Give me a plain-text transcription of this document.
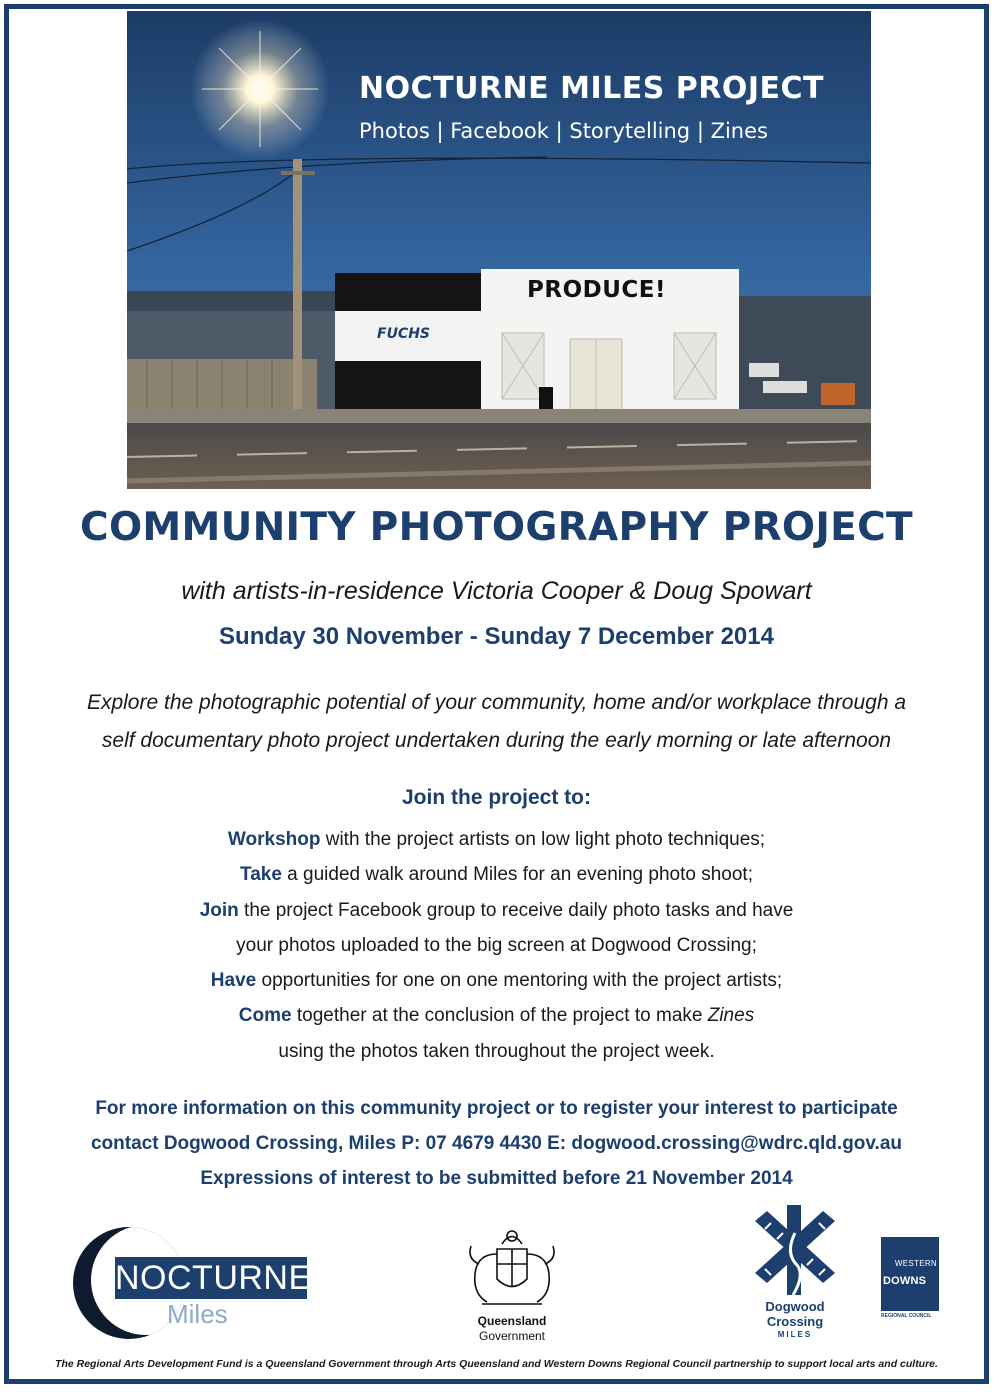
NOCTURNE MILES PROJECT
Photos | Facebook | Storytelling | Zines
PRODUCE!
FUCHS
COMMUNITY PHOTOGRAPHY PROJECT
with artists-in-residence Victoria Cooper & Doug Spowart
Sunday 30 November - Sunday 7 December 2014
Explore the photographic potential of your community, home and/or workplace through a
self documentary photo project undertaken during the early morning or late afternoon
Join the project to:
Workshop with the project artists on low light photo techniques;
Take a guided walk around Miles for an evening photo shoot;
Join the project Facebook group to receive daily photo tasks and have
your photos uploaded to the big screen at Dogwood Crossing;
Have opportunities for one on one mentoring with the project artists;
Come together at the conclusion of the project to make Zines
using the photos taken throughout the project week.
For more information on this community project or to register your interest to participate
contact Dogwood Crossing, Miles P: 07 4679 4430 E: dogwood.crossing@wdrc.qld.gov.au
Expressions of interest to be submitted before 21 November 2014
NOCTURNE
Miles	Queensland
Government
Dogwood
Crossing
MILES
WESTERN
DOWNS
REGIONAL COUNCIL
The Regional Arts Development Fund is a Queensland Government through Arts Queensland and Western Downs Regional Council partnership to support local arts and culture.
